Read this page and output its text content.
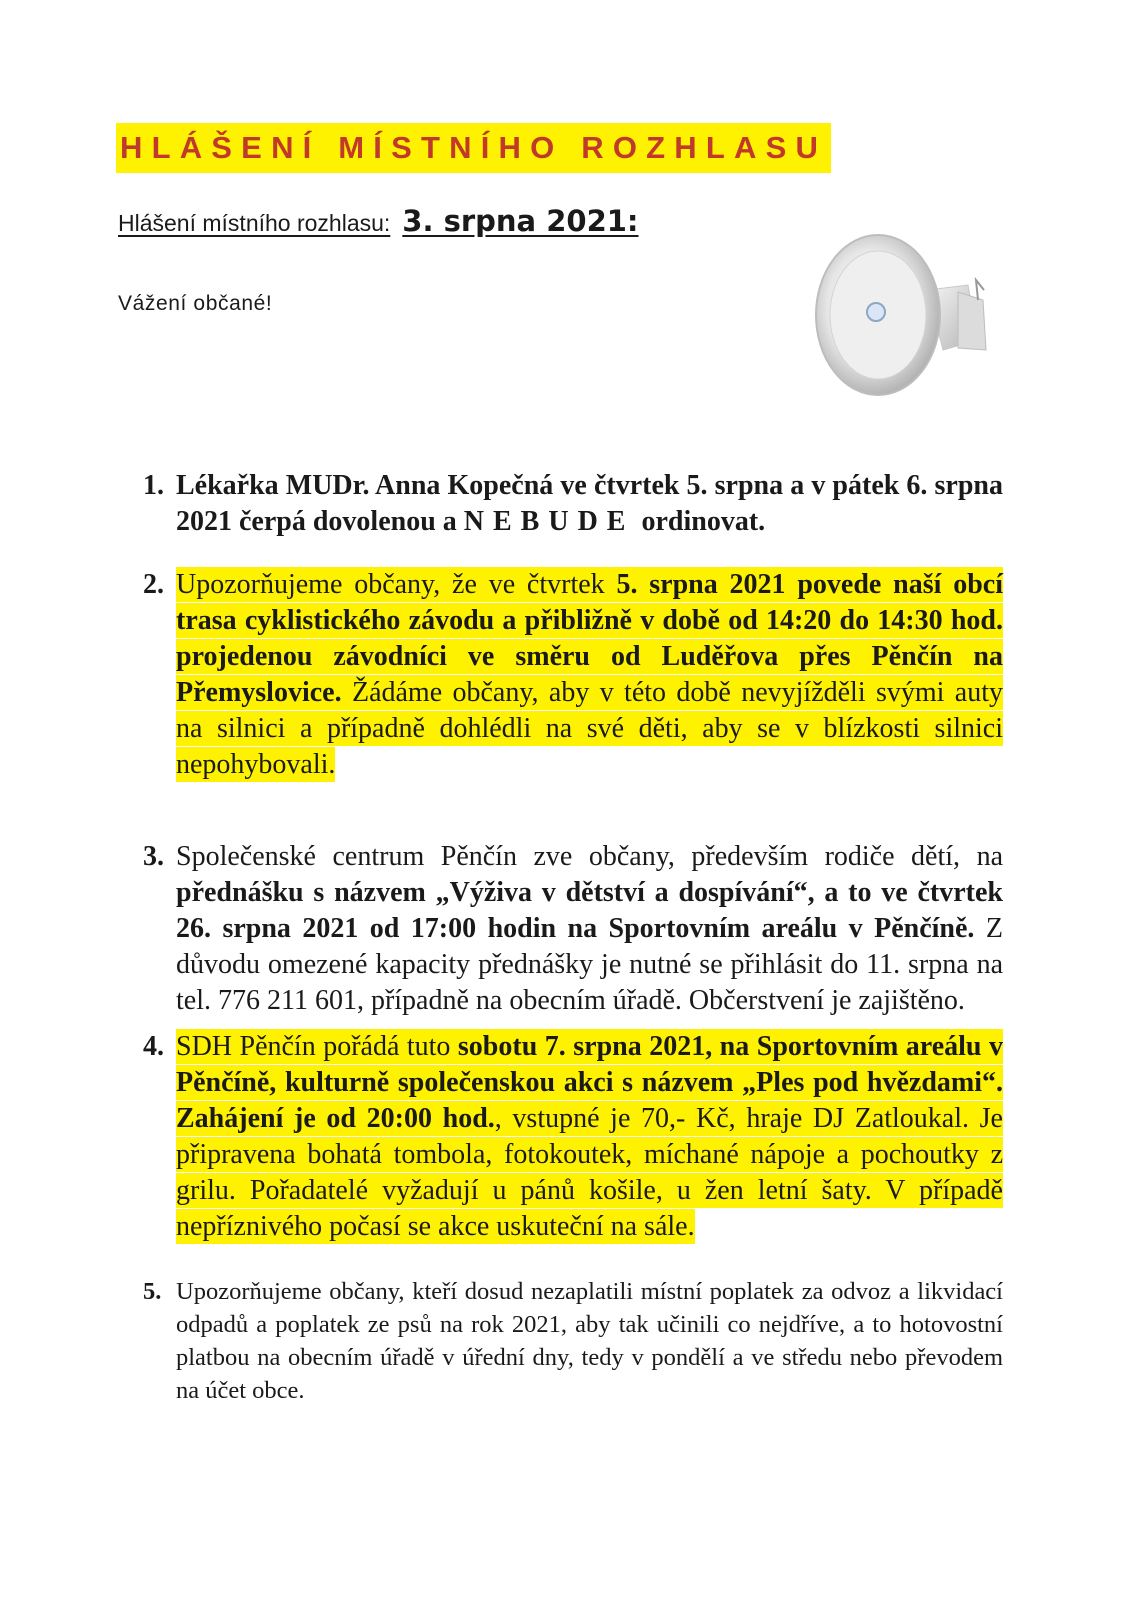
HLÁŠENÍ MÍSTNÍHO ROZHLASU
Hlášení místního rozhlasu: 3. srpna 2021:
Vážení občané!

1. Lékařka MUDr. Anna Kopečná ve čtvrtek 5. srpna a v pátek 6. srpna 2021 čerpá dovolenou a NEBUDE ordinovat.

2. Upozorňujeme občany, že ve čtvrtek 5. srpna 2021 povede naší obcí trasa cyklistického závodu a přibližně v době od 14:20 do 14:30 hod. projedenou závodníci ve směru od Luděřova přes Pěnčín na Přemyslovice. Žádáme občany, aby v této době nevyjížděli svými auty na silnici a případně dohlédli na své děti, aby se v blízkosti silnici nepohybovali.

3. Společenské centrum Pěnčín zve občany, především rodiče dětí, na přednášku s názvem „Výživa v dětství a dospívání“, a to ve čtvrtek 26. srpna 2021 od 17:00 hodin na Sportovním areálu v Pěnčíně. Z důvodu omezené kapacity přednášky je nutné se přihlásit do 11. srpna na tel. 776 211 601, případně na obecním úřadě. Občerstvení je zajištěno.

4. SDH Pěnčín pořádá tuto sobotu 7. srpna 2021, na Sportovním areálu v Pěnčíně, kulturně společenskou akci s názvem „Ples pod hvězdami“. Zahájení je od 20:00 hod., vstupné je 70,- Kč, hraje DJ Zatloukal. Je připravena bohatá tombola, fotokoutek, míchané nápoje a pochoutky z grilu. Pořadatelé vyžadují u pánů košile, u žen letní šaty. V případě nepříznivého počasí se akce uskuteční na sále.

5. Upozorňujeme občany, kteří dosud nezaplatili místní poplatek za odvoz a likvidací odpadů a poplatek ze psů na rok 2021, aby tak učinili co nejdříve, a to hotovostní platbou na obecním úřadě v úřední dny, tedy v pondělí a ve středu nebo převodem na účet obce.
